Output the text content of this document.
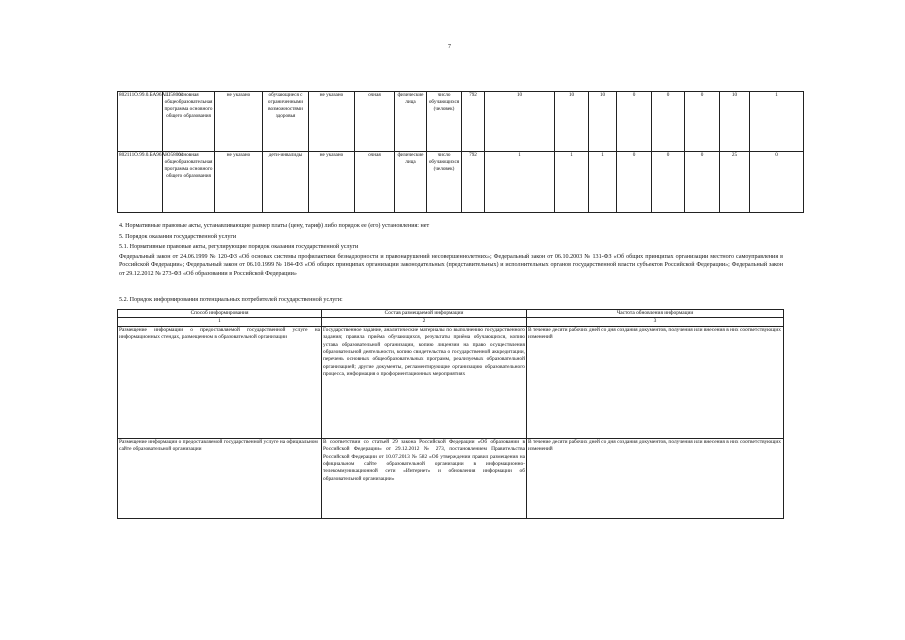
7
802111О.99.0.БА96АШ58001	основная общеобразовательная программа основного общего образования	не указано	обучающиеся с ограниченными возможностями здоровья	не указано	очная	физические лица	число обучающихся (человек)	792	10	10	10	0	0	0	10	1
802111О.99.0.БА96АЮ58001	основная общеобразовательная программа основного общего образования	не указано	дети-инвалиды	не указано	очная	физические лица	число обучающихся (человек)	792	1	1	1	0	0	0	25	0
4. Нормативные правовые акты, устанавливающие размер платы (цену, тариф) либо порядок ее (его) установления: нет
5. Порядок оказания государственной услуги
5.1. Нормативные правовые акты, регулирующие порядок оказания государственной услуги
Федеральный закон от 24.06.1999 № 120-ФЗ «Об основах системы профилактики безнадзорности и правонарушений несовершеннолетних»; Федеральный закон от 06.10.2003 № 131-ФЗ «Об общих принципах организации местного самоуправления в Российской Федерации»; Федеральный закон от 06.10.1999 № 184-ФЗ «Об общих принципах организации законодательных (представительных) и исполнительных органов государственной власти субъектов Российской Федерации»; Федеральный закон от 29.12.2012 № 273-ФЗ «Об образовании в Российской Федерации»
5.2. Порядок информирования потенциальных потребителей государственной услуги:
Способ информирования	Состав размещаемой информации	Частота обновления информации
1	2	3
Размещение информации о предоставляемой государственной услуге на информационных стендах, размещенном в образовательной организации	Государственное задание, аналитические материалы по выполнению государственного задания; правила приёма обучающихся, результаты приёма обучающихся, копию устава образовательной организации, копию лицензии на право осуществления образовательной деятельности, копию свидетельства о государственной аккредитации, перечень основных общеобразовательных программ, реализуемых образовательной организацией; другие документы, регламентирующие организацию образовательного процесса, информация о профориентационных мероприятиях	В течение десяти рабочих дней со дня создания документов, получения или внесения в них соответствующих изменений
Размещение информации о предоставляемой государственной услуге на официальном сайте образовательной организации	В соответствии со статьей 29 закона Российской Федерации «Об образовании в Российской Федерации» от 29.12.2012 № 273, постановлением Правительства Российской Федерации от 10.07.2013 № 582 «Об утверждении правил размещения на официальном сайте образовательной организации в информационно-телекоммуникационной сети «Интернет» и обновления информации об образовательной организации»	В течение десяти рабочих дней со дня создания документов, получения или внесения в них соответствующих изменений
